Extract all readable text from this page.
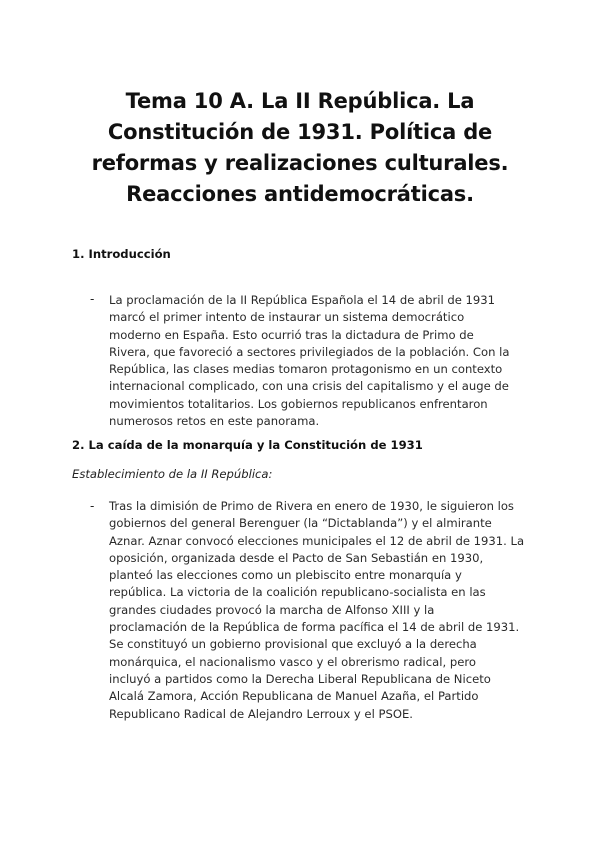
Tema 10 A. La II República. La
Constitución de 1931. Política de
reformas y realizaciones culturales.
Reacciones antidemocráticas.
1. Introducción
- La proclamación de la II República Española el 14 de abril de 1931
marcó el primer intento de instaurar un sistema democrático
moderno en España. Esto ocurrió tras la dictadura de Primo de
Rivera, que favoreció a sectores privilegiados de la población. Con la
República, las clases medias tomaron protagonismo en un contexto
internacional complicado, con una crisis del capitalismo y el auge de
movimientos totalitarios. Los gobiernos republicanos enfrentaron
numerosos retos en este panorama.
2. La caída de la monarquía y la Constitución de 1931
Establecimiento de la II República:
- Tras la dimisión de Primo de Rivera en enero de 1930, le siguieron los
gobiernos del general Berenguer (la “Dictablanda”) y el almirante
Aznar. Aznar convocó elecciones municipales el 12 de abril de 1931. La
oposición, organizada desde el Pacto de San Sebastián en 1930,
planteó las elecciones como un plebiscito entre monarquía y
república. La victoria de la coalición republicano-socialista en las
grandes ciudades provocó la marcha de Alfonso XIII y la
proclamación de la República de forma pacífica el 14 de abril de 1931.
Se constituyó un gobierno provisional que excluyó a la derecha
monárquica, el nacionalismo vasco y el obrerismo radical, pero
incluyó a partidos como la Derecha Liberal Republicana de Niceto
Alcalá Zamora, Acción Republicana de Manuel Azaña, el Partido
Republicano Radical de Alejandro Lerroux y el PSOE.
